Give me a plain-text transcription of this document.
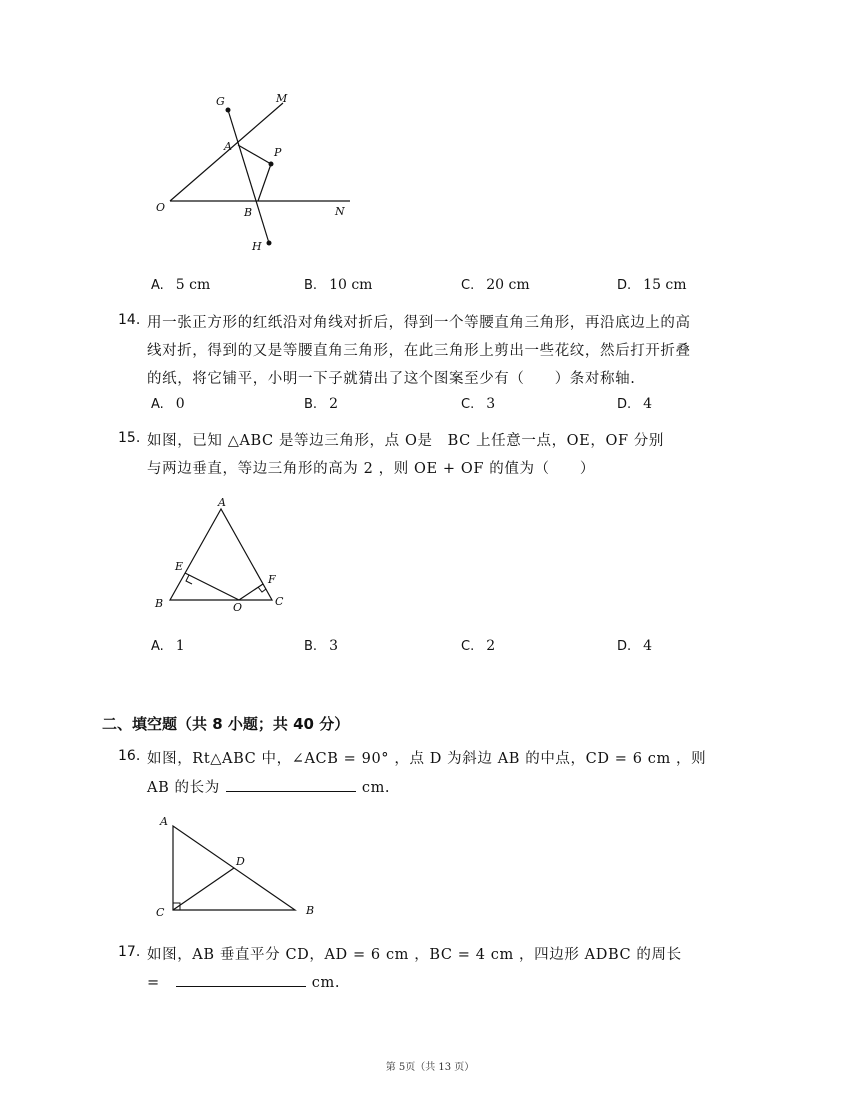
G	M
A	P
O	B	N
H
A. 5 cm	B. 10 cm	C. 20 cm	D. 15 cm
14. 用一张正方形的红纸沿对角线对折后，得到一个等腰直角三角形，再沿底边上的高
线对折，得到的又是等腰直角三角形，在此三角形上剪出一些花纹，然后打开折叠
的纸，将它铺平，小明一下子就猜出了这个图案至少有（　　）条对称轴.
A. 0	B. 2	C. 3	D. 4
15. 如图，已知 △ABC 是等边三角形，点 O是　BC 上任意一点，OE，OF 分别
与两边垂直，等边三角形的高为 2 ，则 OE + OF 的值为（　　）
A
E
F
B	O	C
A. 1	B. 3	C. 2	D. 4
二、填空题（共 8 小题；共 40 分）
16. 如图，Rt△ABC 中，∠ACB = 90° ，点 D 为斜边 AB 的中点，CD = 6 cm ，则
AB 的长为	cm.
A
D
C	B
17. 如图，AB 垂直平分 CD，AD = 6 cm ，BC = 4 cm ，四边形 ADBC 的周长
=	cm.
第 5页（共 13 页）
